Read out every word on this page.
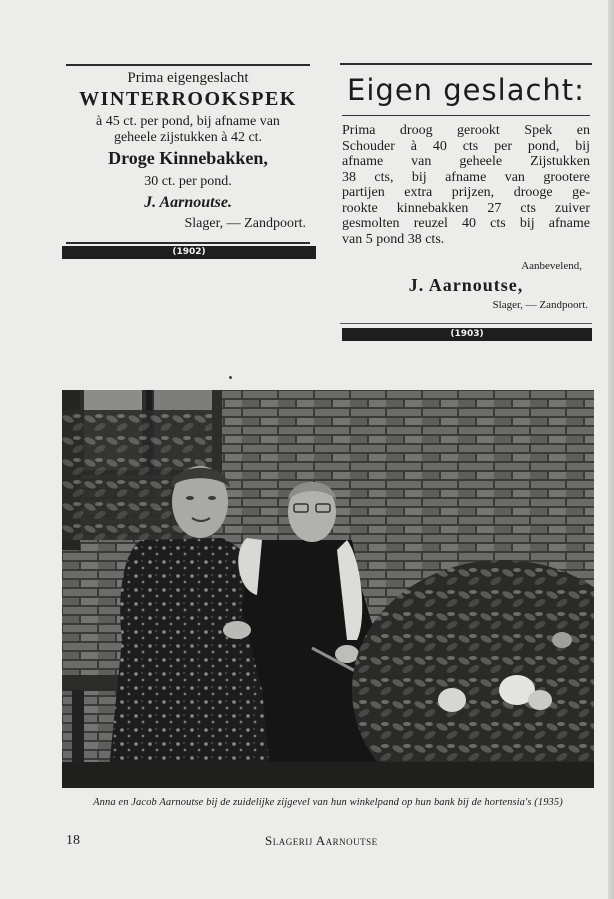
Prima eigengeslacht
WINTERROOKSPEK
à 45 ct. per pond, bij afname van
geheele zijstukken à 42 ct.
Droge Kinnebakken,
30 ct. per pond.
J. Aarnoutse.
Slager, — Zandpoort.
(1902)
Eigen geslacht:
Prima droog gerookt Spek en
Schouder à 40 cts per pond, bij
afname van geheele Zijstukken
38 cts, bij afname van grootere
partijen extra prijzen, drooge ge-
rookte kinnebakken 27 cts zuiver
gesmolten reuzel 40 cts bij afname
van 5 pond 38 cts.
Aanbevelend,
J. Aarnoutse,
Slager, — Zandpoort.
(1903)
Anna en Jacob Aarnoutse bij de zuidelijke zijgevel van hun winkelpand op hun bank bij de hortensia's (1935)
18	Slagerij Aarnoutse
